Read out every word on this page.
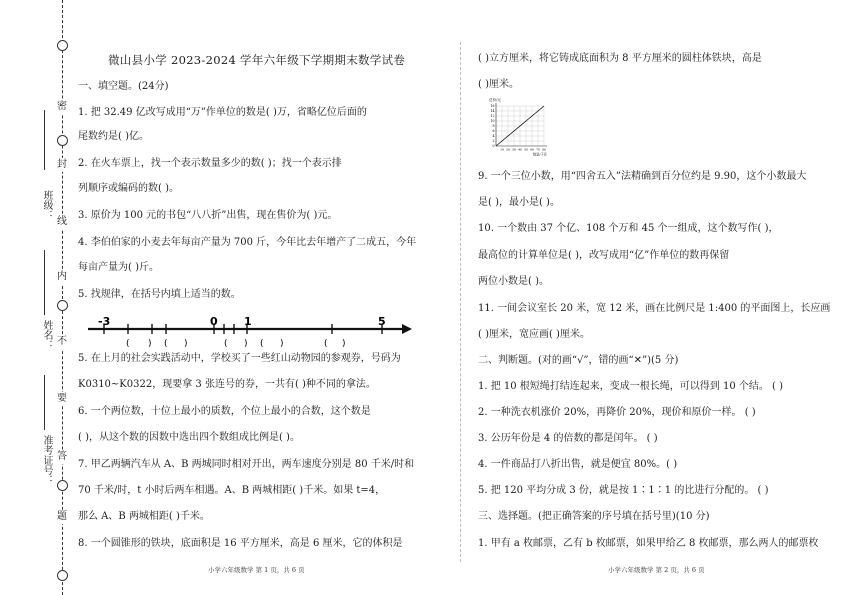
密
封
线
内
不
要
答
题
班级：
姓名：
准考证号：
微山县小学 2023-2024 学年六年级下学期期末数学试卷
一、填空题。(24分)
1. 把 32.49 亿改写成用“万”作单位的数是( )万，省略亿位后面的
尾数约是( )亿。
2. 在火车票上，找一个表示数量多少的数( )；找一个表示排
列顺序或编码的数( )。
3. 原价为 100 元的书包“八八折”出售，现在售价为( )元。
4. 李伯伯家的小麦去年每亩产量为 700 斤，今年比去年增产了二成五，今年
每亩产量为( )斤。
5. 找规律，在括号内填上适当的数。
-3	0 1	5
( ) ( )	( ) ( )	( )
5. 在上月的社会实践活动中，学校买了一些红山动物园的参观券，号码为
K0310~K0322，现要拿 3 张连号的券，一共有( )种不同的拿法。
6. 一个两位数，十位上最小的质数，个位上最小的合数，这个数是
( )，从这个数的因数中选出四个数组成比例是( )。
7. 甲乙两辆汽车从 A、B 两城同时相对开出，两车速度分别是 80 千米/时和
70 千米/时，t 小时后两车相遇。A、B 两城相距( )千米。如果 t=4，
那么 A、B 两城相距( )千米。
8. 一个圆锥形的铁块，底面积是 16 平方厘米，高是 6 厘米，它的体积是
小学六年级数学 第 1 页，共 6 页
( )立方厘米，将它铸成底面积为 8 平方厘米的圆柱体铁块，高是
( )厘米。
总价/元
16
14
12
10
8
6
4
2
0
10 20 30 40 50 60 70 80
数量/千克
9. 一个三位小数，用“四舍五入”法精确到百分位约是 9.90，这个小数最大
是( )，最小是( )。
10. 一个数由 37 个亿、108 个万和 45 个一组成，这个数写作( )，
最高位的计算单位是( )，改写成用“亿”作单位的数再保留
两位小数是( )。
11. 一间会议室长 20 米，宽 12 米，画在比例尺是 1:400 的平面图上，长应画
( )厘米，宽应画( )厘米。
二、判断题。(对的画“√”，错的画“✕”)(5 分)
1. 把 10 根短绳打结连起来，变成一根长绳，可以得到 10 个结。 ( )
2. 一种洗衣机涨价 20%，再降价 20%，现价和原价一样。 ( )
3. 公历年份是 4 的倍数的都是闰年。 ( )
4. 一件商品打八折出售，就是便宜 80%。( )
5. 把 120 平均分成 3 份，就是按 1∶1∶1 的比进行分配的。 ( )
三、选择题。(把正确答案的序号填在括号里)(10 分)
1. 甲有 a 枚邮票，乙有 b 枚邮票，如果甲给乙 8 枚邮票，那么两人的邮票枚
小学六年级数学 第 2 页，共 6 页
